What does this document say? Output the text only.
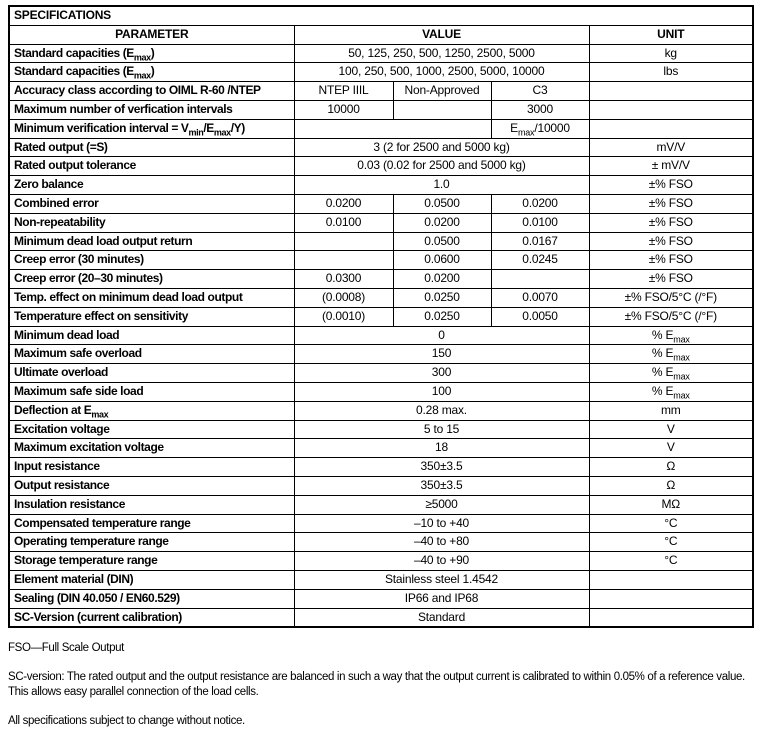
SPECIFICATIONS				
PARAMETER	VALUE			UNIT
Standard capacities $(E_{max})$	50, 125, 250, 500, 1250, 2500, 5000			kg
Standard capacities $(E_{max})$	100, 250, 500, 1000, 2500, 5000, 10000			lbs
Accuracy class according to OIML R-60 /NTEP	NTEP IIIL	Non-Approved	C3	
Maximum number of verfication intervals	10000		3000	
Minimum verification interval = $V_{min}/E_{max}/Y$)			$E_{max}/10000$	
Rated output (=S)	3 (2 for 2500 and 5000 kg)			mV/V
Rated output tolerance	0.03 (0.02 for 2500 and 5000 kg)			± mV/V
Zero balance	1.0			±% FSO
Combined error	0.0200	0.0500	0.0200	±% FSO
Non-repeatability	0.0100	0.0200	0.0100	±% FSO
Minimum dead load output return		0.0500	0.0167	±% FSO
Creep error (30 minutes)		0.0600	0.0245	±% FSO
Creep error (20–30 minutes)	0.0300	0.0200		±% FSO
Temp. effect on minimum dead load output	(0.0008)	0.0250	0.0070	±% FSO/5°C (/°F)
Temperature effect on sensitivity	(0.0010)	0.0250	0.0050	±% FSO/5°C (/°F)
Minimum dead load	0			% $E_{max}$
Maximum safe overload	150			% $E_{max}$
Ultimate overload	300			% $E_{max}$
Maximum safe side load	100			% $E_{max}$
Deflection at $E_{max}$	0.28 max.			mm
Excitation voltage	5 to 15			V
Maximum excitation voltage	18			V
Input resistance	350±3.5			Ω
Output resistance	350±3.5			Ω
Insulation resistance	≥5000			MΩ
Compensated temperature range	–10 to +40			°C
Operating temperature range	–40 to +80			°C
Storage temperature range	–40 to +90			°C
Element material (DIN)	Stainless steel 1.4542			
Sealing (DIN 40.050 / EN60.529)	IP66 and IP68			
SC-Version (current calibration)	Standard			

FSO—Full Scale Output

SC-version: The rated output and the output resistance are balanced in such a way that the output current is calibrated to within 0.05% of a reference value. This allows easy parallel connection of the load cells.

All specifications subject to change without notice.
